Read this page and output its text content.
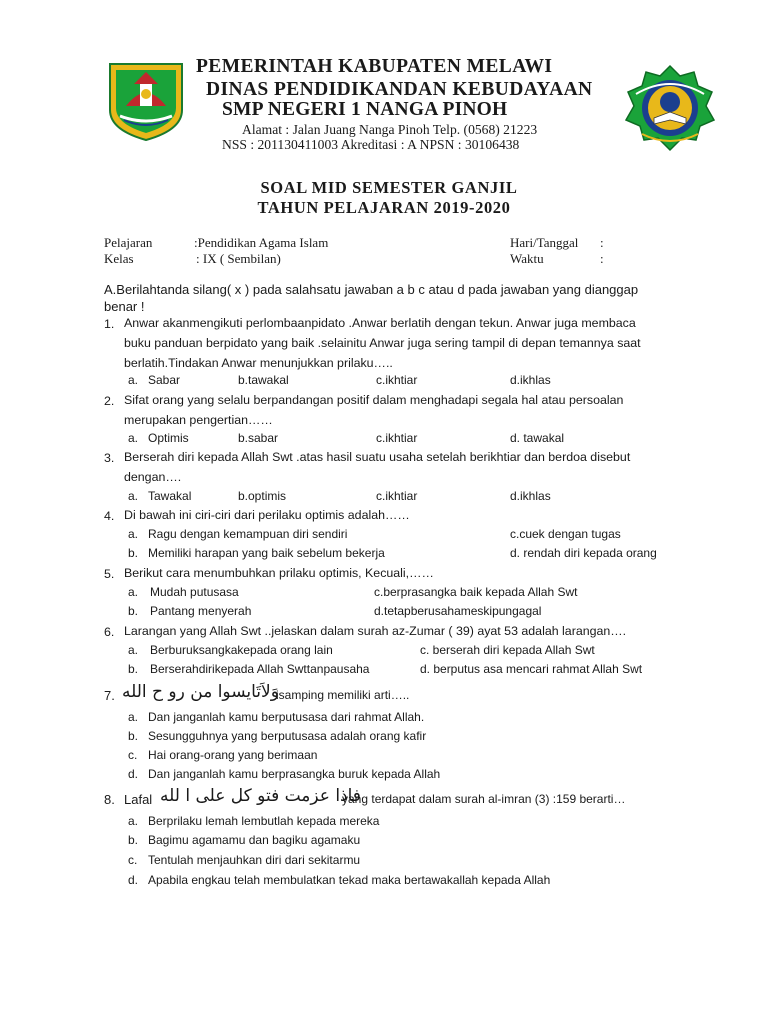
PEMERINTAH KABUPATEN MELAWI
DINAS PENDIDIKANDAN KEBUDAYAAN
SMP NEGERI 1 NANGA PINOH
Alamat : Jalan Juang Nanga Pinoh Telp. (0568) 21223
NSS : 201130411003 Akreditasi : A NPSN : 30106438
SOAL MID SEMESTER GANJIL
TAHUN PELAJARAN 2019-2020
Pelajaran	:Pendidikan Agama Islam
Kelas	: IX ( Sembilan)
Hari/Tanggal :
Waktu	:
A.Berilahtanda silang( x ) pada salahsatu jawaban a b c atau d pada jawaban yang dianggap benar !
1. Anwar akanmengikuti perlombaanpidato .Anwar berlatih dengan tekun. Anwar juga membaca
buku panduan berpidato yang baik .selainitu Anwar juga sering tampil di depan temannya saat
berlatih.Tindakan Anwar menunjukkan prilaku…..
a. Sabar	b.tawakal	c.ikhtiar	d.ikhlas
2. Sifat orang yang selalu berpandangan positif dalam menghadapi segala hal atau persoalan
merupakan pengertian……
a. Optimis	b.sabar	c.ikhtiar	d. tawakal
3. Berserah diri kepada Allah Swt .atas hasil suatu usaha setelah berikhtiar dan berdoa disebut
dengan….
a. Tawakal	b.optimis	c.ikhtiar	d.ikhlas
4. Di bawah ini ciri-ciri dari perilaku optimis adalah……
a. Ragu dengan kemampuan diri sendiri	c.cuek dengan tugas
b. Memiliki harapan yang baik sebelum bekerja	d. rendah diri kepada orang
5. Berikut cara menumbuhkan prilaku optimis, Kecuali,……
a. Mudah putusasa	c.berprasangka baik kepada Allah Swt
b. Pantang menyerah	d.tetapberusahameskipungagal
6. Larangan yang Allah Swt ..jelaskan dalam surah az-Zumar ( 39) ayat 53 adalah larangan….
a. Berburuksangkakepada orang lain	c. berserah diri kepada Allah Swt
b. Berserahdirikepada Allah Swttanpausaha	d. berputus asa mencari rahmat Allah Swt
7. وَلاَتَايسوا من رو ح الله
isamping memiliki arti…..
a. Dan janganlah kamu berputusasa dari rahmat Allah.
b. Sesungguhnya yang berputusasa adalah orang kafir
c. Hai orang-orang yang berimaan
d. Dan janganlah kamu berprasangka buruk kepada Allah
8. Lafal فاذا عزمت فتو كل على ا لله
yang terdapat dalam surah al-imran (3) :159 berarti…
a. Berprilaku lemah lembutlah kepada mereka
b. Bagimu agamamu dan bagiku agamaku
c. Tentulah menjauhkan diri dari sekitarmu
d. Apabila engkau telah membulatkan tekad maka bertawakallah kepada Allah
